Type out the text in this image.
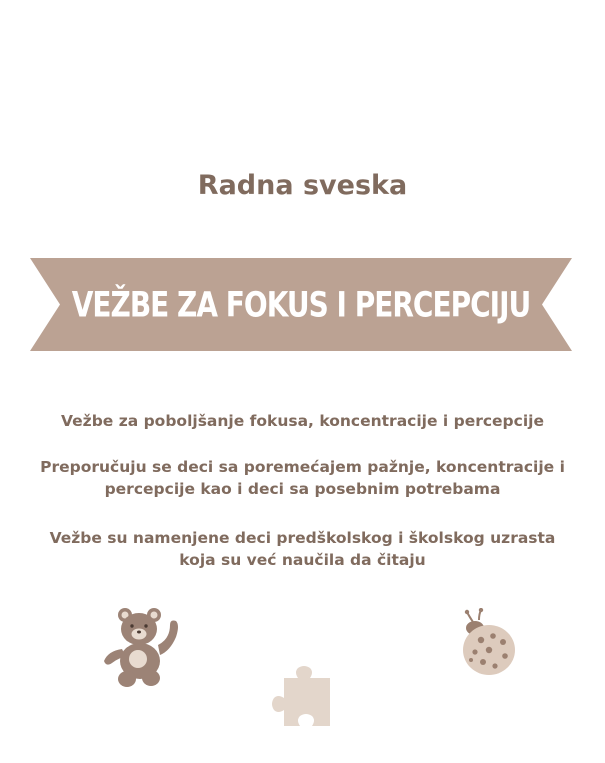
Radna sveska
VEŽBE ZA FOKUS I PERCEPCIJU
Vežbe za poboljšanje fokusa, koncentracije i percepcije
Preporučuju se deci sa poremećajem pažnje, koncentracije i percepcije kao i deci sa posebnim potrebama
Vežbe su namenjene deci predškolskog i školskog uzrasta koja su već naučila da čitaju
